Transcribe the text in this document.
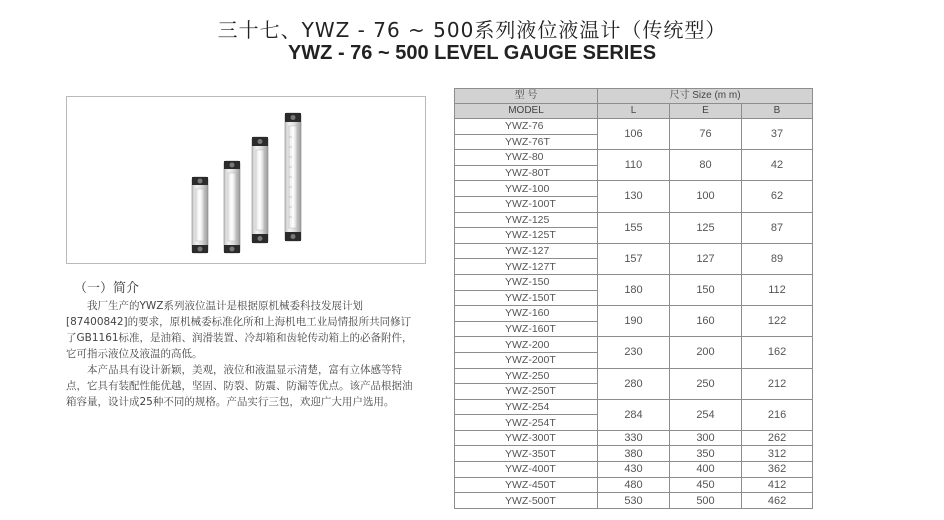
三十七、YWZ - 76 ~ 500系列液位液温计（传统型）
YWZ - 76 ~ 500 LEVEL GAUGE SERIES
（一）简介

我厂生产的YWZ系列液位温计是根据原机械委科技发展计划

[87400842]的要求，原机械委标准化所和上海机电工业局情报所共同修订了GB1161标准，是油箱、润滑装置、冷却箱和齿轮传动箱上的必备附件，它可指示液位及液温的高低。

本产品具有设计新颖，美观，液位和液温显示清楚，富有立体感等特点，它具有装配性能优越，坚固、防裂、防震、防漏等优点。该产品根据油箱容量，设计成25种不同的规格。产品实行三包，欢迎广大用户选用。

型 号	尺寸 Size (m m)		
MODEL	L	E	B
YWZ-76	106	76	37
YWZ-76T			
YWZ-80	110	80	42
YWZ-80T			
YWZ-100	130	100	62
YWZ-100T			
YWZ-125	155	125	87
YWZ-125T			
YWZ-127	157	127	89
YWZ-127T			
YWZ-150	180	150	112
YWZ-150T			
YWZ-160	190	160	122
YWZ-160T			
YWZ-200	230	200	162
YWZ-200T			
YWZ-250	280	250	212
YWZ-250T			
YWZ-254	284	254	216
YWZ-254T			
YWZ-300T	330	300	262
YWZ-350T	380	350	312
YWZ-400T	430	400	362
YWZ-450T	480	450	412
YWZ-500T	530	500	462
